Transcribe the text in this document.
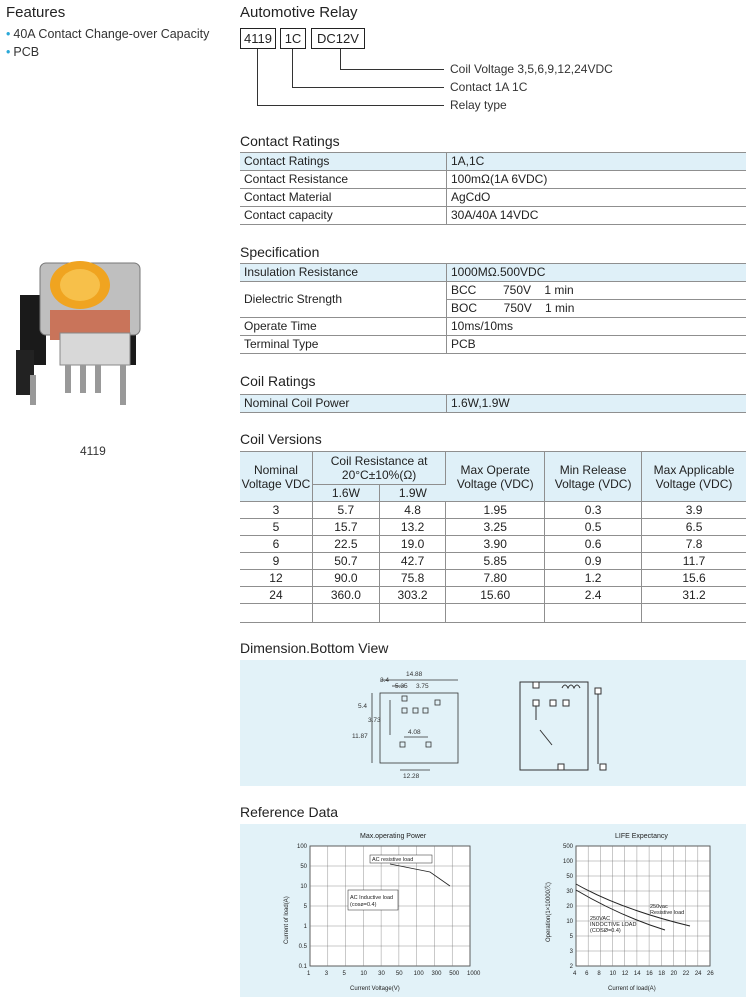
Features
• 40A Contact Change-over Capacity
• PCB
4119
Automotive Relay
4119 1C	DC12V
Coil Voltage 3,5,6,9,12,24VDC
Contact 1A 1C
Relay type
Contact Ratings
Contact Ratings	1A,1C
Contact Resistance	100mΩ(1A 6VDC)
Contact Material	AgCdO
Contact capacity	30A/40A 14VDC
Specification
Insulation Resistance	1000MΩ.500VDC
Dielectric Strength	BCC        750V    1 min
	BOC        750V    1 min
Operate Time	10ms/10ms
Terminal Type	PCB
Coil Ratings
Nominal Coil Power	1.6W,1.9W
Coil Versions
Nominal Voltage VDC	Coil Resistance at 20°C±10%(Ω)		Max Operate Voltage (VDC)	Min Release Voltage (VDC)	Max Applicable Voltage (VDC)
	1.6W	1.9W			
3	5.7	4.8	1.95	0.3	3.9
5	15.7	13.2	3.25	0.5	6.5
6	22.5	19.0	3.90	0.6	7.8
9	50.7	42.7	5.85	0.9	11.7
12	90.0	75.8	7.80	1.2	15.6
24	360.0	303.2	15.60	2.4	31.2

Dimension.Bottom View
14.88
3.4
5.35 3.75
5.4
3.73
11.87
4.08
12.28
Reference Data
Max.operating Power
1 3 5 10 30 50 100 300 500 1000
100
50
10
5
1
0.5
0.1
Current Voltage(V)
Current of load(A)
AC resistive load
AC Inductive load
(cosø=0.4)
LIFE Expectancy
4 6 8 10 12 14 16 18 20 22 24 26
500
100
50
30
20
10
5
3
2
Current of load(A)
Operation(1×10000次)	250vac
Resistive load
250VAC
INDOCTIVE LOAD
(COSØ=0.4)
